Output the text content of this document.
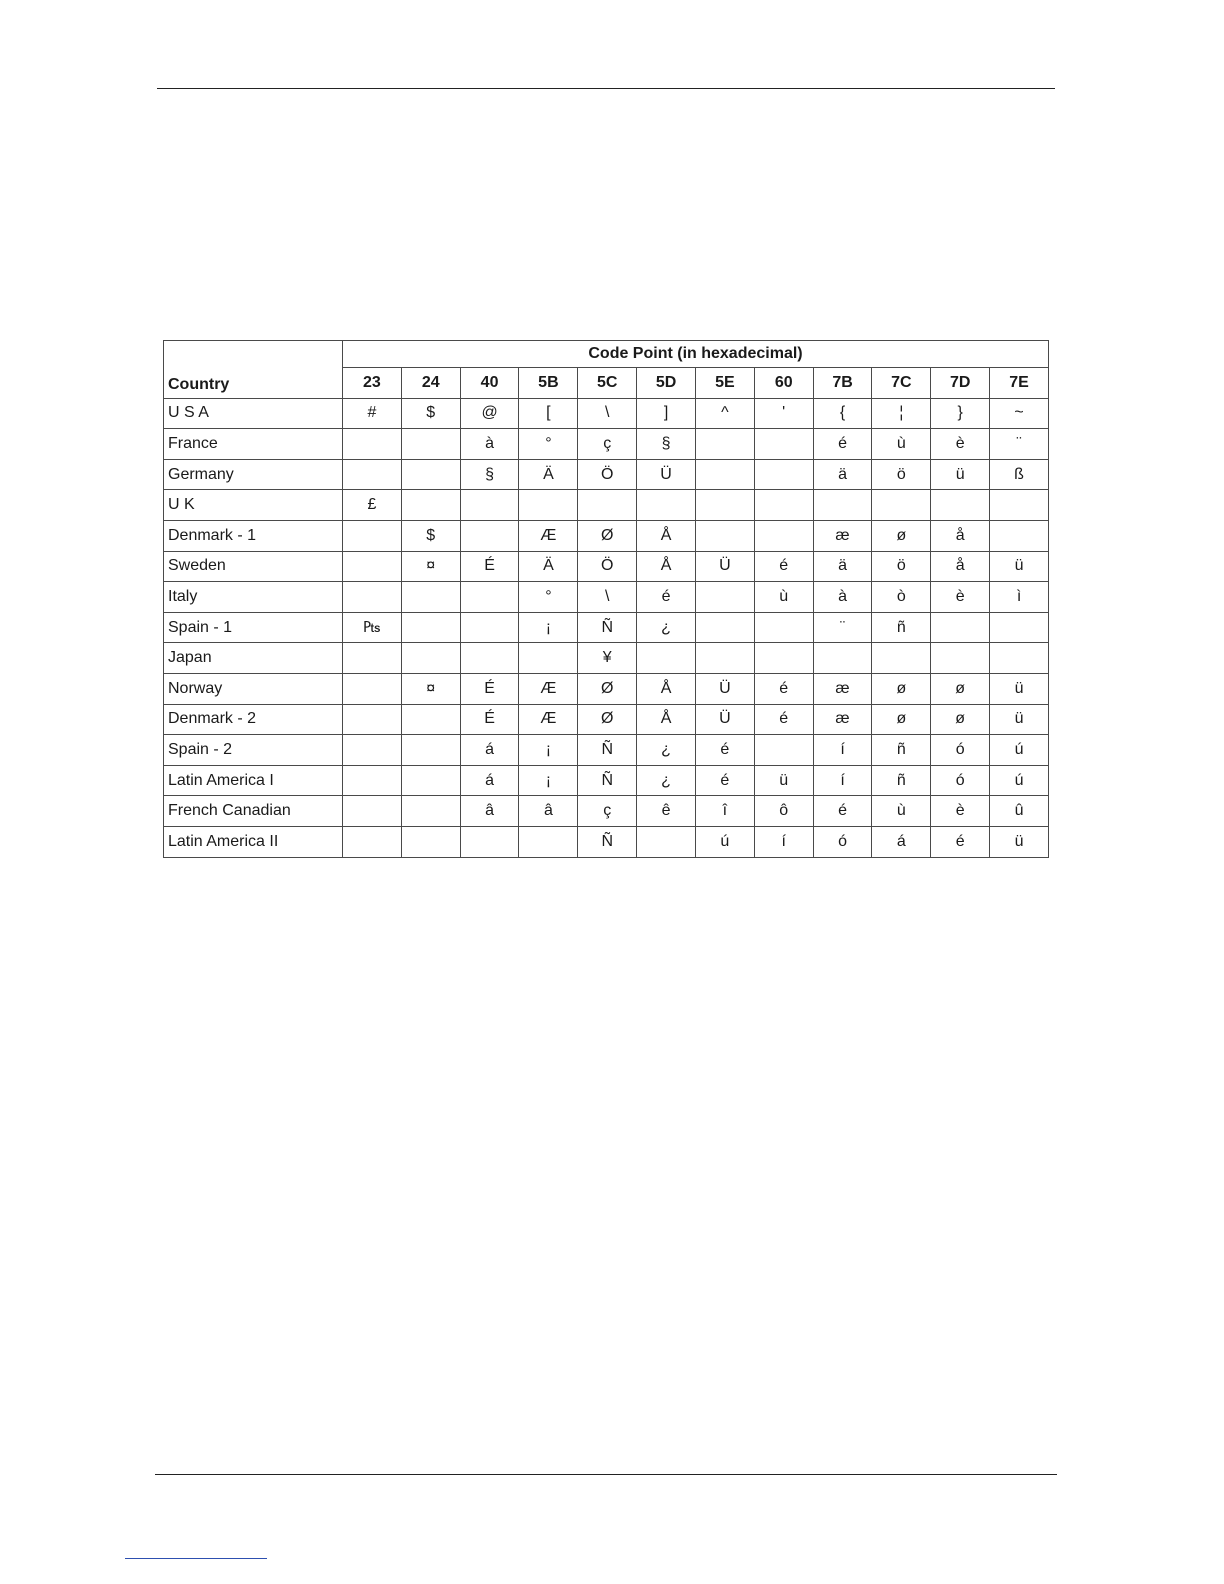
Country	Code Point (in hexadecimal)											
	23	24	40	5B	5C	5D	5E	60	7B	7C	7D	7E
U S A	#	$	@	[	\	]	^	'	{	¦	}	~
France			à	°	ç	§			é	ù	è	¨
Germany			§	Ä	Ö	Ü			ä	ö	ü	ß
U K	£											
Denmark - 1		$		Æ	Ø	Å			æ	ø	å	
Sweden		¤	É	Ä	Ö	Å	Ü	é	ä	ö	å	ü
Italy				°	\	é		ù	à	ò	è	ì
Spain - 1	₧			¡	Ñ	¿			¨	ñ		
Japan					¥							
Norway		¤	É	Æ	Ø	Å	Ü	é	æ	ø	ø	ü
Denmark - 2			É	Æ	Ø	Å	Ü	é	æ	ø	ø	ü
Spain - 2			á	¡	Ñ	¿	é		í	ñ	ó	ú
Latin America I			á	¡	Ñ	¿	é	ü	í	ñ	ó	ú
French Canadian			â	â	ç	ê	î	ô	é	ù	è	û
Latin America II					Ñ		ú	í	ó	á	é	ü
